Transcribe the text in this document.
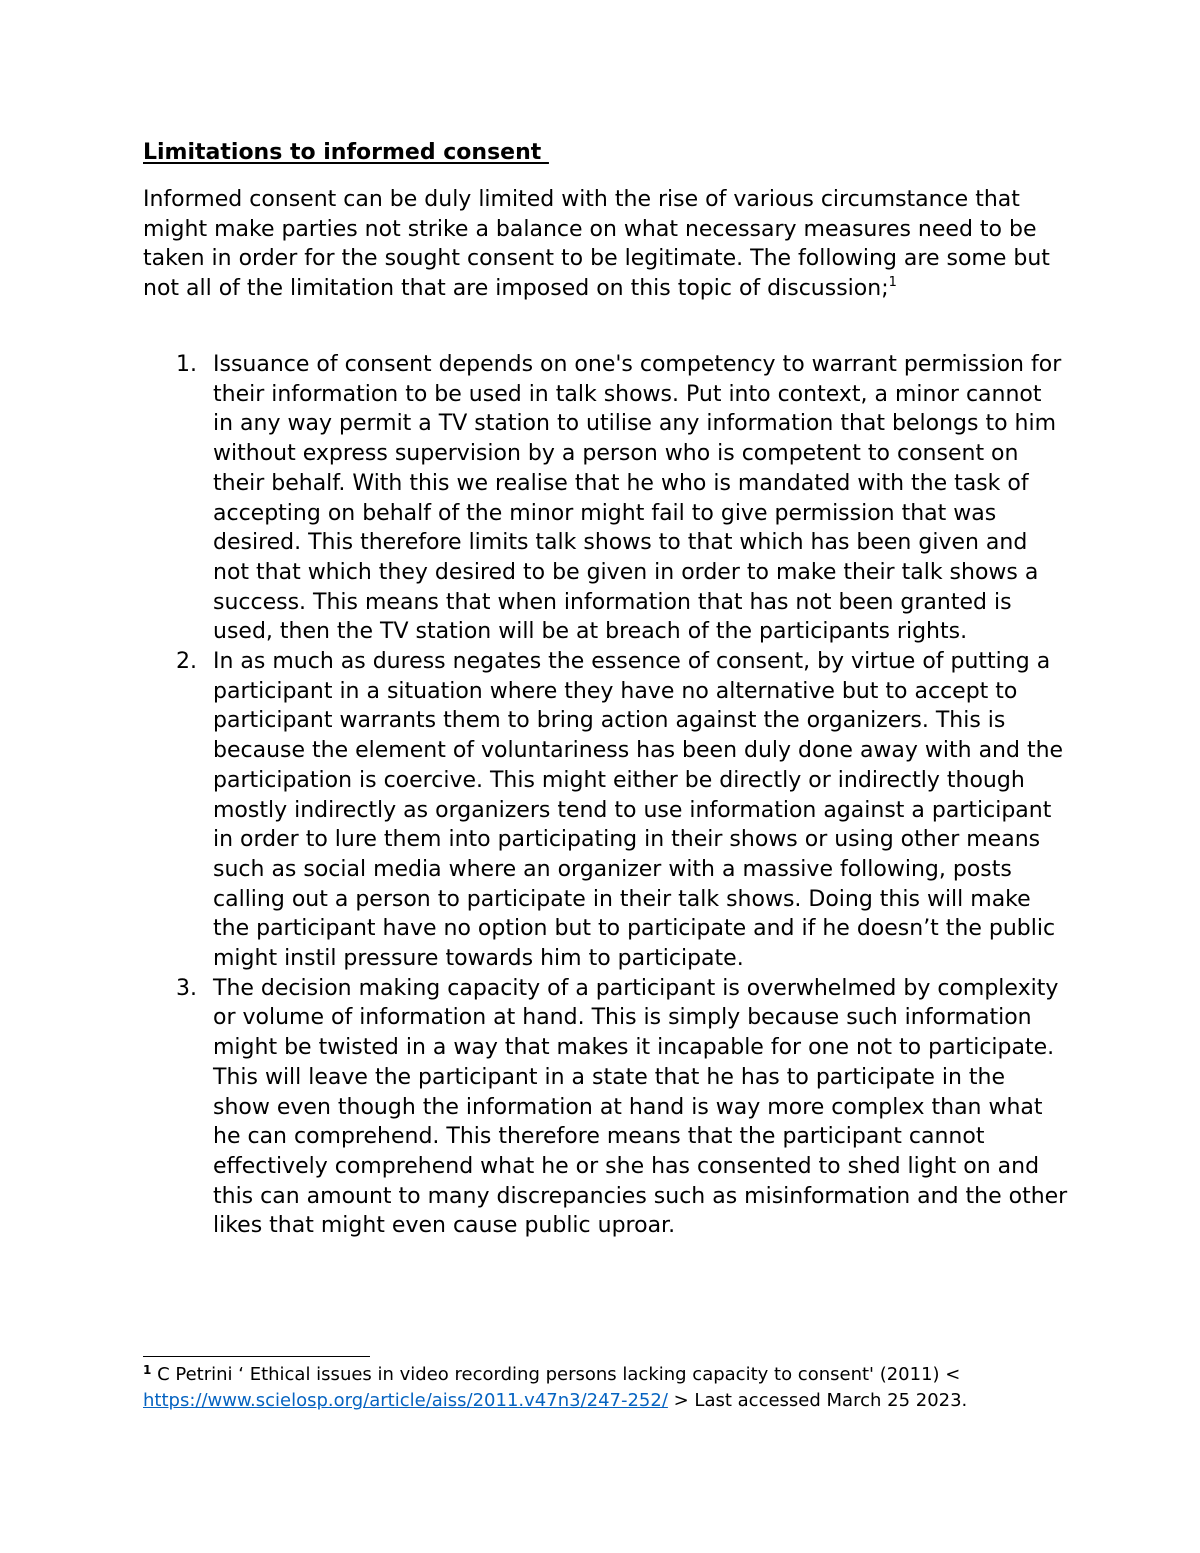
Limitations to informed consent

Informed consent can be duly limited with the rise of various circumstance that might make parties not strike a balance on what necessary measures need to be taken in order for the sought consent to be legitimate. The following are some but not all of the limitation that are imposed on this topic of discussion;$^1$

1. Issuance of consent depends on one's competency to warrant permission for their information to be used in talk shows. Put into context, a minor cannot in any way permit a TV station to utilise any information that belongs to him without express supervision by a person who is competent to consent on their behalf. With this we realise that he who is mandated with the task of accepting on behalf of the minor might fail to give permission that was desired. This therefore limits talk shows to that which has been given and not that which they desired to be given in order to make their talk shows a success. This means that when information that has not been granted is used, then the TV station will be at breach of the participants rights.
2. In as much as duress negates the essence of consent, by virtue of putting a participant in a situation where they have no alternative but to accept to participant warrants them to bring action against the organizers. This is because the element of voluntariness has been duly done away with and the participation is coercive. This might either be directly or indirectly though mostly indirectly as organizers tend to use information against a participant in order to lure them into participating in their shows or using other means such as social media where an organizer with a massive following, posts calling out a person to participate in their talk shows. Doing this will make the participant have no option but to participate and if he doesn’t the public might instil pressure towards him to participate.
3. The decision making capacity of a participant is overwhelmed by complexity or volume of information at hand. This is simply because such information might be twisted in a way that makes it incapable for one not to participate. This will leave the participant in a state that he has to participate in the show even though the information at hand is way more complex than what he can comprehend. This therefore means that the participant cannot effectively comprehend what he or she has consented to shed light on and this can amount to many discrepancies such as misinformation and the other likes that might even cause public uproar.

$^1$ C Petrini ‘ Ethical issues in video recording persons lacking capacity to consent' (2011) < https://www.scielosp.org/article/aiss/2011.v47n3/247-252/ > Last accessed March 25 2023.
